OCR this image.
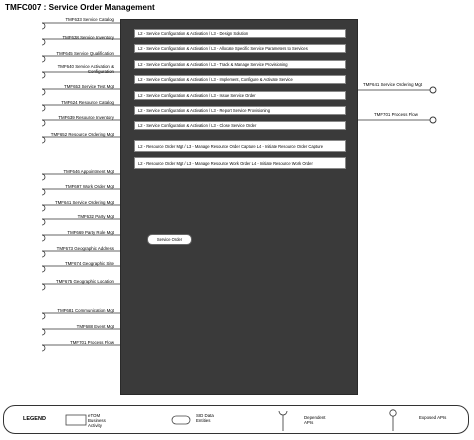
TMFC007 : Service Order Management
L2 - Service Configuration & Activation / L3 - Design Solution
L2 - Service Configuration & Activation / L3 - Allocate Specific Service Parameters to Services
L2 - Service Configuration & Activation / L3 - Track & Manage Service Provisioning
L2 - Service Configuration & Activation / L3 - Implement, Configure & Activate Service
L2 - Service Configuration & Activation / L3 - Issue Service Order
L2 - Service Configuration & Activation / L3 - Report Service Provisioning
L2 - Service Configuration & Activation / L3 - Close Service Order
L2 - Resource Order Mgt / L3 - Manage Resource Order Capture L4 - Initiate Resource Order Capture
L2 - Resource Order Mgt / L3 - Manage Resource Work Order L4 - Initiate Resource Work Order
Service Order
TMF633 Service Catalog
TMF638 Service Inventory
TMF645 Service Qualification
TMF640 Service Activation & Configuration
TMF653 Service Test Mgt
TMF624 Resource Catalog
TMF639 Resource Inventory
TMF652 Resource Ordering Mgt
TMF646 Appointment Mgt
TMF697 Work Order Mgt
TMF641 Service Ordering Mgt
TMF632 Party Mgt
TMF669 Party Role Mgt
TMF673 Geographic Address
TMF674 Geographic Site
TMF675 Geographic Location
TMF681 Communication Mgt
TMF688 Event Mgt
TMF701 Process Flow
TMF641 Service Ordering Mgt
TMF701 Process Flow
LEGEND
eTOM Business Activity
SID Data Entities
Dependent APIs
Exposed APIs
